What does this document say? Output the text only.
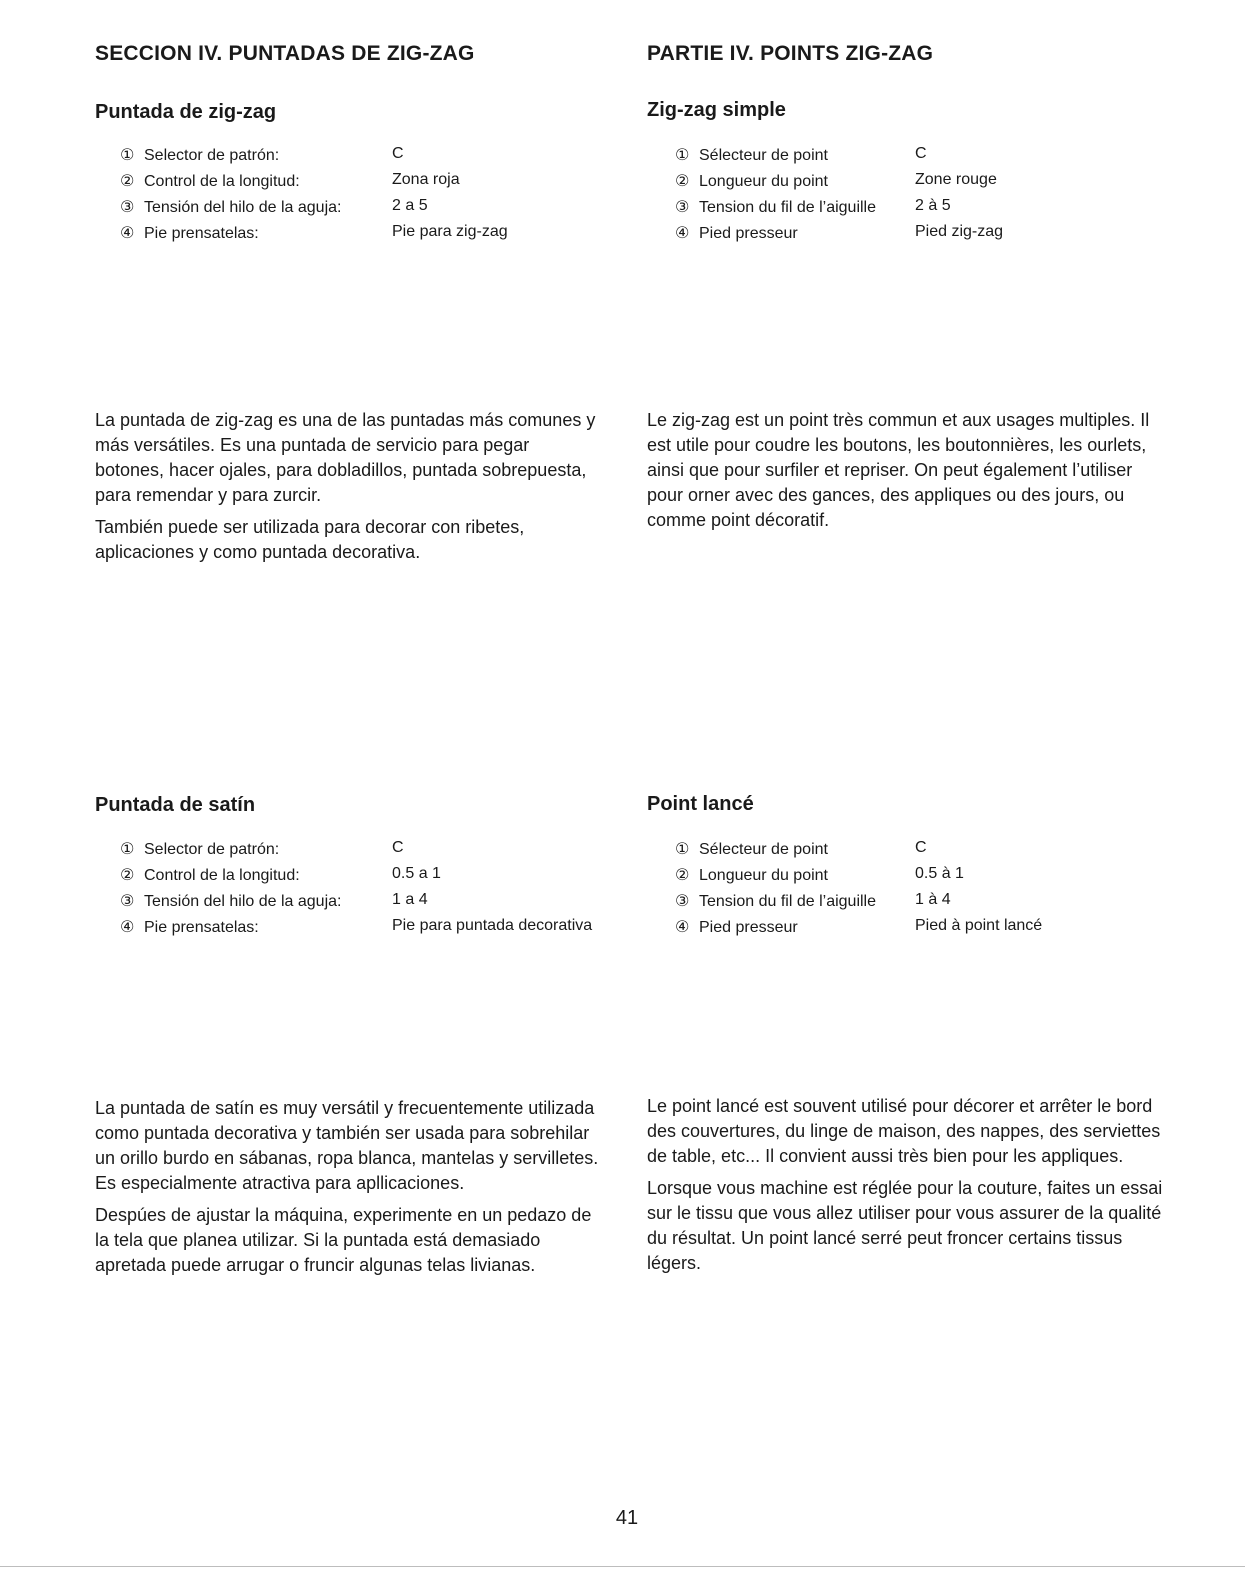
SECCION IV. PUNTADAS DE ZIG-ZAG
Puntada de zig-zag
① Selector de patrón:	C
② Control de la longitud:	Zona roja
③ Tensión del hilo de la aguja:	2 a 5
④ Pie prensatelas:	Pie para zig-zag

La puntada de zig-zag es una de las puntadas más comunes y más versátiles. Es una puntada de servicio para pegar botones, hacer ojales, para dobladillos, puntada sobrepuesta, para remendar y para zurcir.

También puede ser utilizada para decorar con ribetes, aplicaciones y como puntada decorativa.

Puntada de satín
① Selector de patrón:	C
② Control de la longitud:	0.5 a 1
③ Tensión del hilo de la aguja:	1 a 4
④ Pie prensatelas:	Pie para puntada decorativa

La puntada de satín es muy versátil y frecuentemente utilizada como puntada decorativa y también ser usada para sobrehilar un orillo burdo en sábanas, ropa blanca, mantelas y servilletes. Es especialmente atractiva para apllicaciones.

Despúes de ajustar la máquina, experimente en un pedazo de la tela que planea utilizar. Si la puntada está demasiado apretada puede arrugar o fruncir algunas telas livianas.

PARTIE IV. POINTS ZIG-ZAG
Zig-zag simple
① Sélecteur de point	C
② Longueur du point	Zone rouge
③ Tension du fil de l’aiguille 2 à 5
④ Pied presseur	Pied zig-zag

Le zig-zag est un point très commun et aux usages multiples. Il est utile pour coudre les boutons, les boutonnières, les ourlets, ainsi que pour surfiler et repriser. On peut également l’utiliser pour orner avec des gances, des appliques ou des jours, ou comme point décoratif.

Point lancé
① Sélecteur de point	C
② Longueur du point	0.5 à 1
③ Tension du fil de l’aiguille 1 à 4
④ Pied presseur	Pied à point lancé

Le point lancé est souvent utilisé pour décorer et arrêter le bord des couvertures, du linge de maison, des nappes, des serviettes de table, etc... Il convient aussi très bien pour les appliques.

Lorsque vous machine est réglée pour la couture, faites un essai sur le tissu que vous allez utiliser pour vous assurer de la qualité du résultat. Un point lancé serré peut froncer certains tissus légers.

41
